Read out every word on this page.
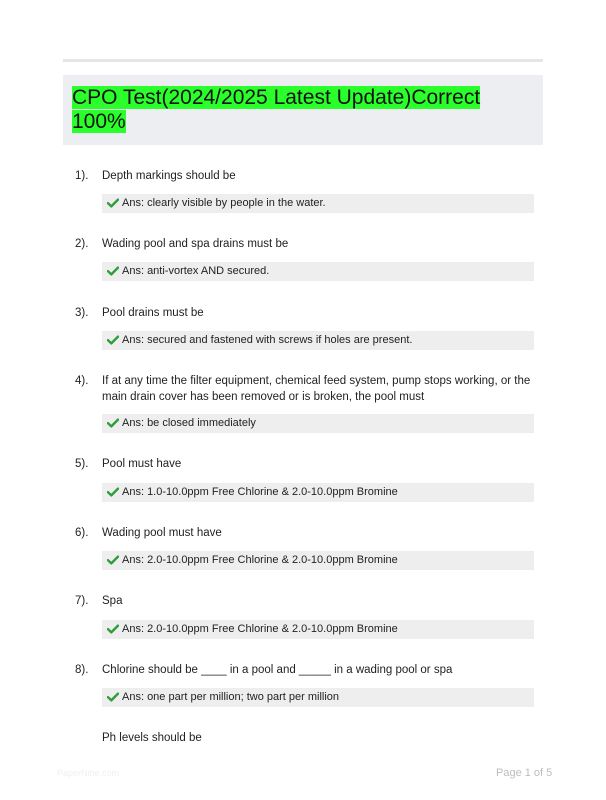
CPO Test(2024/2025 Latest Update)Correct 100%
1). Depth markings should be
Ans: clearly visible by people in the water.
2). Wading pool and spa drains must be
Ans: anti-vortex AND secured.
3). Pool drains must be
Ans: secured and fastened with screws if holes are present.
4). If at any time the filter equipment, chemical feed system, pump stops working, or the main drain cover has been removed or is broken, the pool must
Ans: be closed immediately
5). Pool must have
Ans: 1.0-10.0ppm Free Chlorine & 2.0-10.0ppm Bromine
6). Wading pool must have
Ans: 2.0-10.0ppm Free Chlorine & 2.0-10.0ppm Bromine
7). Spa
Ans: 2.0-10.0ppm Free Chlorine & 2.0-10.0ppm Bromine
8). Chlorine should be ____ in a pool and _____ in a wading pool or spa
Ans: one part per million; two part per million
Ph levels should be
PaperNibe.com	Page 1 of 5
